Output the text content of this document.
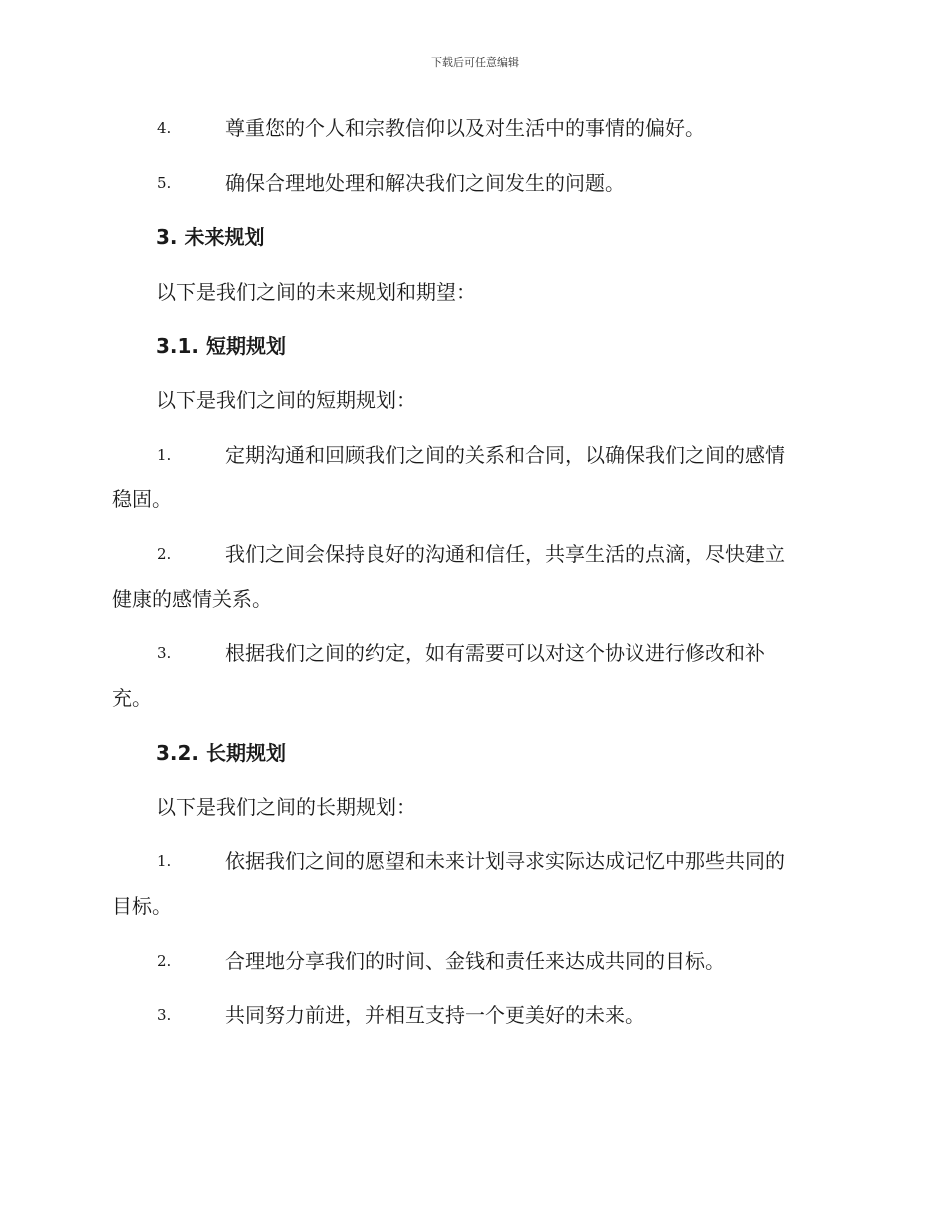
下载后可任意编辑
4.	尊重您的个人和宗教信仰以及对生活中的事情的偏好。
5.	确保合理地处理和解决我们之间发生的问题。
3. 未来规划
以下是我们之间的未来规划和期望：
3.1. 短期规划
以下是我们之间的短期规划：
1.	定期沟通和回顾我们之间的关系和合同，以确保我们之间的感情
稳固。
2.	我们之间会保持良好的沟通和信任，共享生活的点滴，尽快建立
健康的感情关系。
3.	根据我们之间的约定，如有需要可以对这个协议进行修改和补
充。
3.2. 长期规划
以下是我们之间的长期规划：
1.	依据我们之间的愿望和未来计划寻求实际达成记忆中那些共同的
目标。
2.	合理地分享我们的时间、金钱和责任来达成共同的目标。
3.	共同努力前进，并相互支持一个更美好的未来。
